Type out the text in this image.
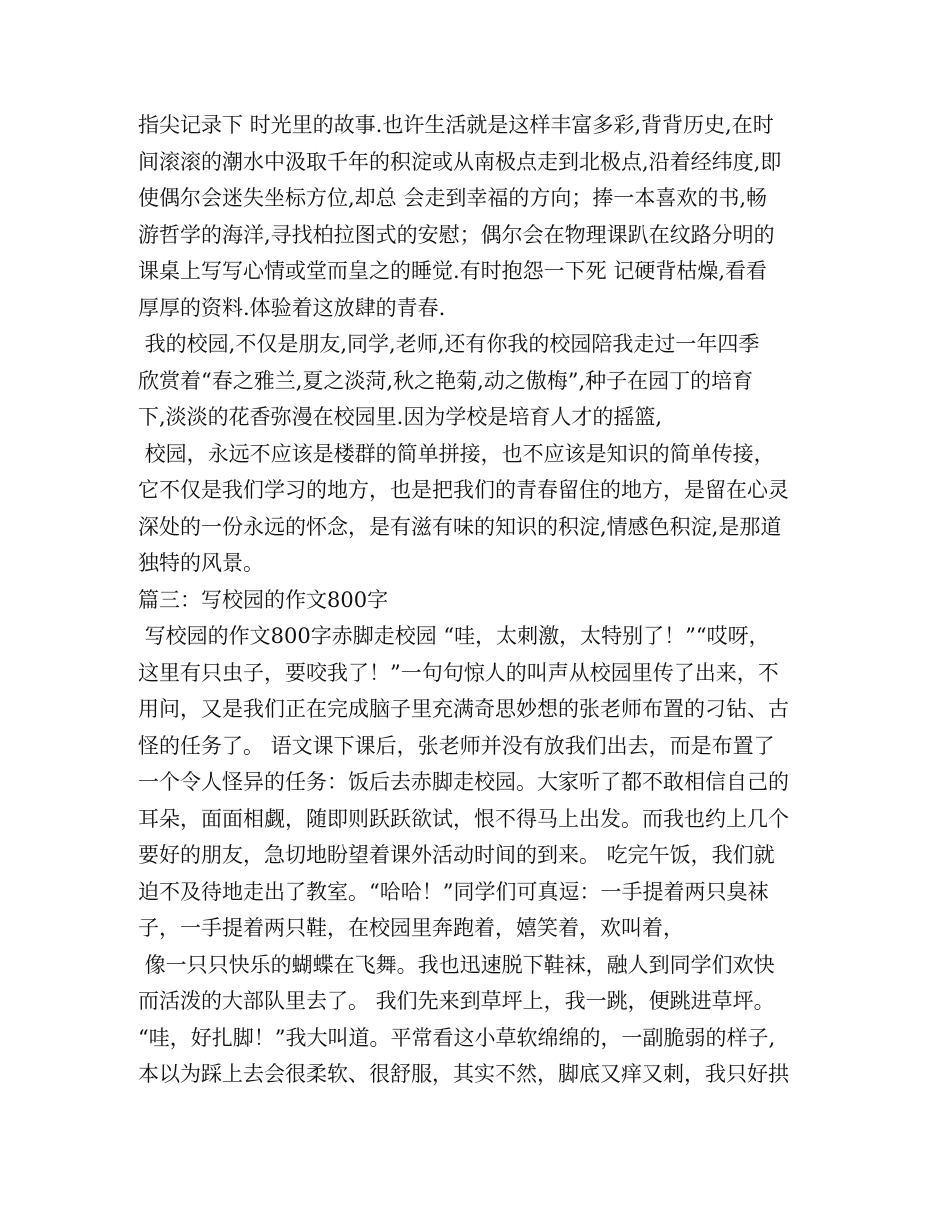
指尖记录下 时光里的故事.也许生活就是这样丰富多彩,背背历史,在时
间滚滚的潮水中汲取千年的积淀或从南极点走到北极点,沿着经纬度,即
使偶尔会迷失坐标方位,却总 会走到幸福的方向；捧一本喜欢的书,畅
游哲学的海洋,寻找柏拉图式的安慰；偶尔会在物理课趴在纹路分明的
课桌上写写心情或堂而皇之的睡觉.有时抱怨一下死 记硬背枯燥,看看
厚厚的资料.体验着这放肆的青春.
我的校园,不仅是朋友,同学,老师,还有你我的校园陪我走过一年四季
欣赏着“春之雅兰,夏之淡菏,秋之艳菊,动之傲梅”,种子在园丁的培育
下,淡淡的花香弥漫在校园里.因为学校是培育人才的摇篮,
校园，永远不应该是楼群的简单拼接，也不应该是知识的简单传接，
它不仅是我们学习的地方，也是把我们的青春留住的地方，是留在心灵
深处的一份永远的怀念，是有滋有味的知识的积淀,情感色积淀,是那道
独特的风景。
篇三：写校园的作文800字
写校园的作文800字赤脚走校园 “哇，太刺激，太特别了！”“哎呀，
这里有只虫子，要咬我了！”一句句惊人的叫声从校园里传了出来，不
用问，又是我们正在完成脑子里充满奇思妙想的张老师布置的刁钻、古
怪的任务了。 语文课下课后，张老师并没有放我们出去，而是布置了
一个令人怪异的任务：饭后去赤脚走校园。大家听了都不敢相信自己的
耳朵，面面相觑，随即则跃跃欲试，恨不得马上出发。而我也约上几个
要好的朋友，急切地盼望着课外活动时间的到来。 吃完午饭，我们就
迫不及待地走出了教室。“哈哈！”同学们可真逗：一手提着两只臭袜
子，一手提着两只鞋，在校园里奔跑着，嬉笑着，欢叫着，
像一只只快乐的蝴蝶在飞舞。我也迅速脱下鞋袜，融人到同学们欢快
而活泼的大部队里去了。 我们先来到草坪上，我一跳，便跳进草坪。
“哇，好扎脚！”我大叫道。平常看这小草软绵绵的，一副脆弱的样子,
本以为踩上去会很柔软、很舒服，其实不然，脚底又痒又刺，我只好拱
